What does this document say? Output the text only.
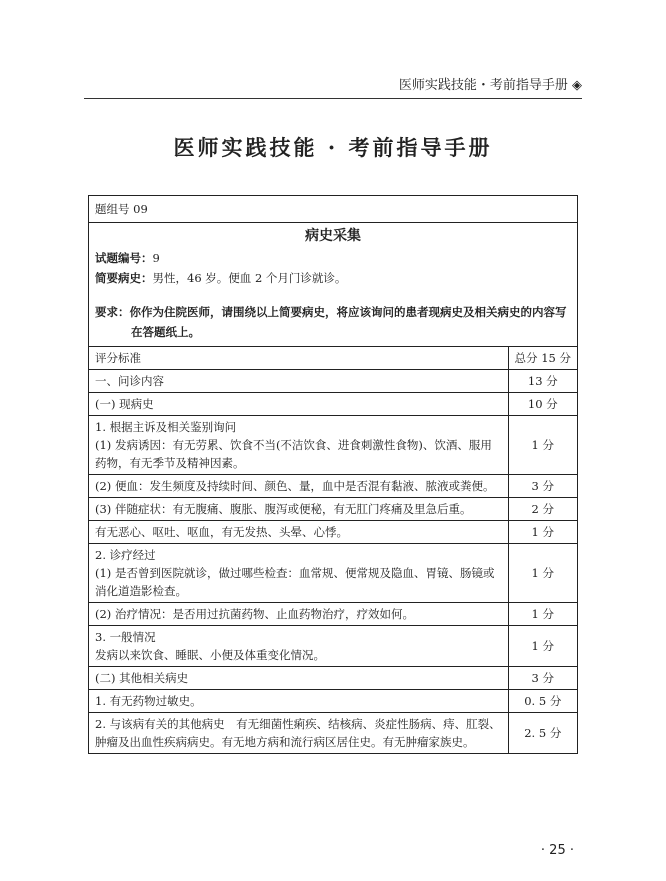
医师实践技能・考前指导手册 ◈
医师实践技能 · 考前指导手册
题组号 09
病史采集
试题编号：9
简要病史：男性，46 岁。便血 2 个月门诊就诊。
要求：你作为住院医师，请围绕以上简要病史，将应该询问的患者现病史及相关病史的内容写在答题纸上。
评分标准	总分 15 分
一、问诊内容	13 分
(一) 现病史	10 分
1. 根据主诉及相关鉴别询问
(1) 发病诱因：有无劳累、饮食不当(不洁饮食、进食刺激性食物)、饮酒、服用药物，有无季节及精神因素。	1 分
(2) 便血：发生频度及持续时间、颜色、量，血中是否混有黏液、脓液或粪便。	3 分
(3) 伴随症状：有无腹痛、腹胀、腹泻或便秘，有无肛门疼痛及里急后重。	2 分
有无恶心、呕吐、呕血，有无发热、头晕、心悸。	1 分
2. 诊疗经过
(1) 是否曾到医院就诊，做过哪些检查：血常规、便常规及隐血、胃镜、肠镜或消化道造影检查。	1 分
(2) 治疗情况：是否用过抗菌药物、止血药物治疗，疗效如何。	1 分
3. 一般情况
发病以来饮食、睡眠、小便及体重变化情况。	1 分
(二) 其他相关病史	3 分
1. 有无药物过敏史。	0. 5 分
2. 与该病有关的其他病史　有无细菌性痢疾、结核病、炎症性肠病、痔、肛裂、肿瘤及出血性疾病病史。有无地方病和流行病区居住史。有无肿瘤家族史。	2. 5 分
· 25 ·
